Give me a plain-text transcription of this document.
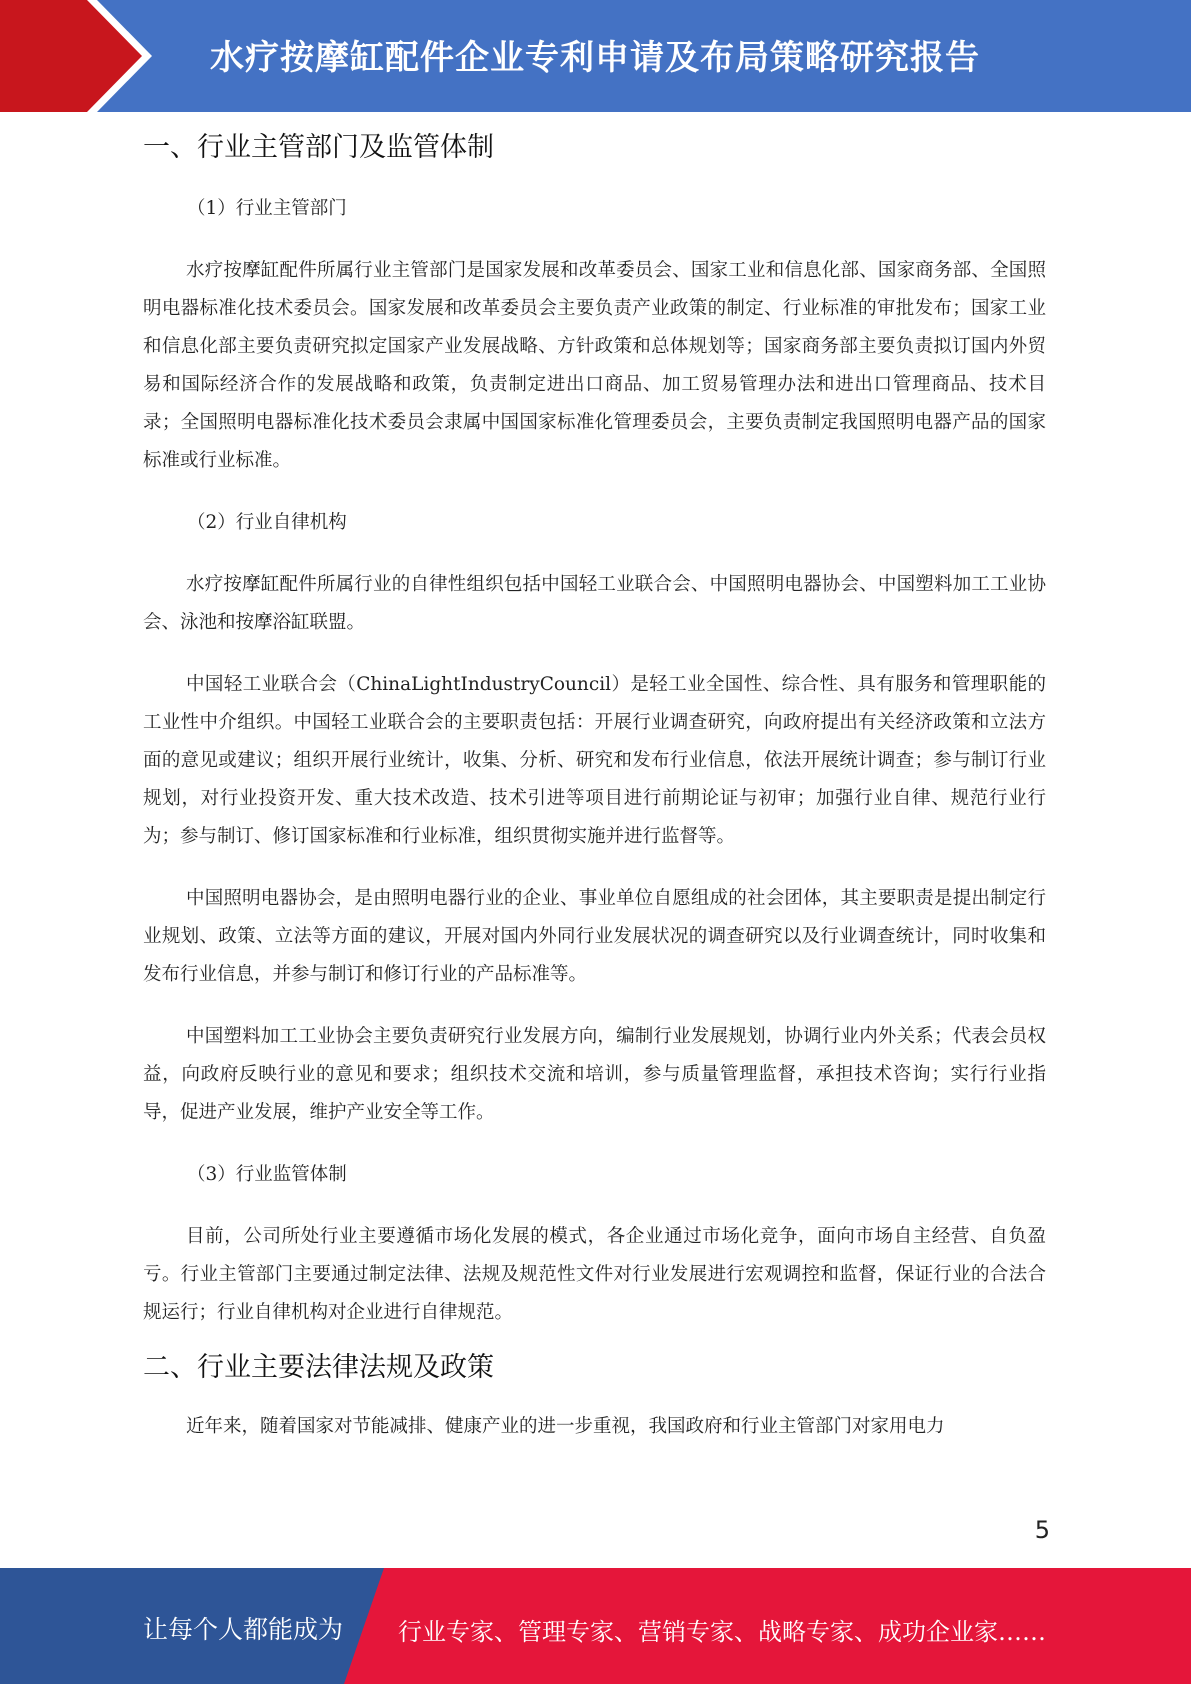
水疗按摩缸配件企业专利申请及布局策略研究报告
一、行业主管部门及监管体制
（1）行业主管部门

水疗按摩缸配件所属行业主管部门是国家发展和改革委员会、国家工业和信息化部、国家商务部、全国照明电器标准化技术委员会。国家发展和改革委员会主要负责产业政策的制定、行业标准的审批发布；国家工业和信息化部主要负责研究拟定国家产业发展战略、方针政策和总体规划等；国家商务部主要负责拟订国内外贸易和国际经济合作的发展战略和政策，负责制定进出口商品、加工贸易管理办法和进出口管理商品、技术目录；全国照明电器标准化技术委员会隶属中国国家标准化管理委员会，主要负责制定我国照明电器产品的国家标准或行业标准。

（2）行业自律机构

水疗按摩缸配件所属行业的自律性组织包括中国轻工业联合会、中国照明电器协会、中国塑料加工工业协会、泳池和按摩浴缸联盟。

中国轻工业联合会（ChinaLightIndustryCouncil）是轻工业全国性、综合性、具有服务和管理职能的工业性中介组织。中国轻工业联合会的主要职责包括：开展行业调查研究，向政府提出有关经济政策和立法方面的意见或建议；组织开展行业统计，收集、分析、研究和发布行业信息，依法开展统计调查；参与制订行业规划，对行业投资开发、重大技术改造、技术引进等项目进行前期论证与初审；加强行业自律、规范行业行为；参与制订、修订国家标准和行业标准，组织贯彻实施并进行监督等。

中国照明电器协会，是由照明电器行业的企业、事业单位自愿组成的社会团体，其主要职责是提出制定行业规划、政策、立法等方面的建议，开展对国内外同行业发展状况的调查研究以及行业调查统计，同时收集和发布行业信息，并参与制订和修订行业的产品标准等。

中国塑料加工工业协会主要负责研究行业发展方向，编制行业发展规划，协调行业内外关系；代表会员权益，向政府反映行业的意见和要求；组织技术交流和培训，参与质量管理监督，承担技术咨询；实行行业指导，促进产业发展，维护产业安全等工作。

（3）行业监管体制

目前，公司所处行业主要遵循市场化发展的模式，各企业通过市场化竞争，面向市场自主经营、自负盈亏。行业主管部门主要通过制定法律、法规及规范性文件对行业发展进行宏观调控和监督，保证行业的合法合规运行；行业自律机构对企业进行自律规范。

二、行业主要法律法规及政策

近年来，随着国家对节能减排、健康产业的进一步重视，我国政府和行业主管部门对家用电力

5
让每个人都能成为 行业专家、管理专家、营销专家、战略专家、成功企业家……
